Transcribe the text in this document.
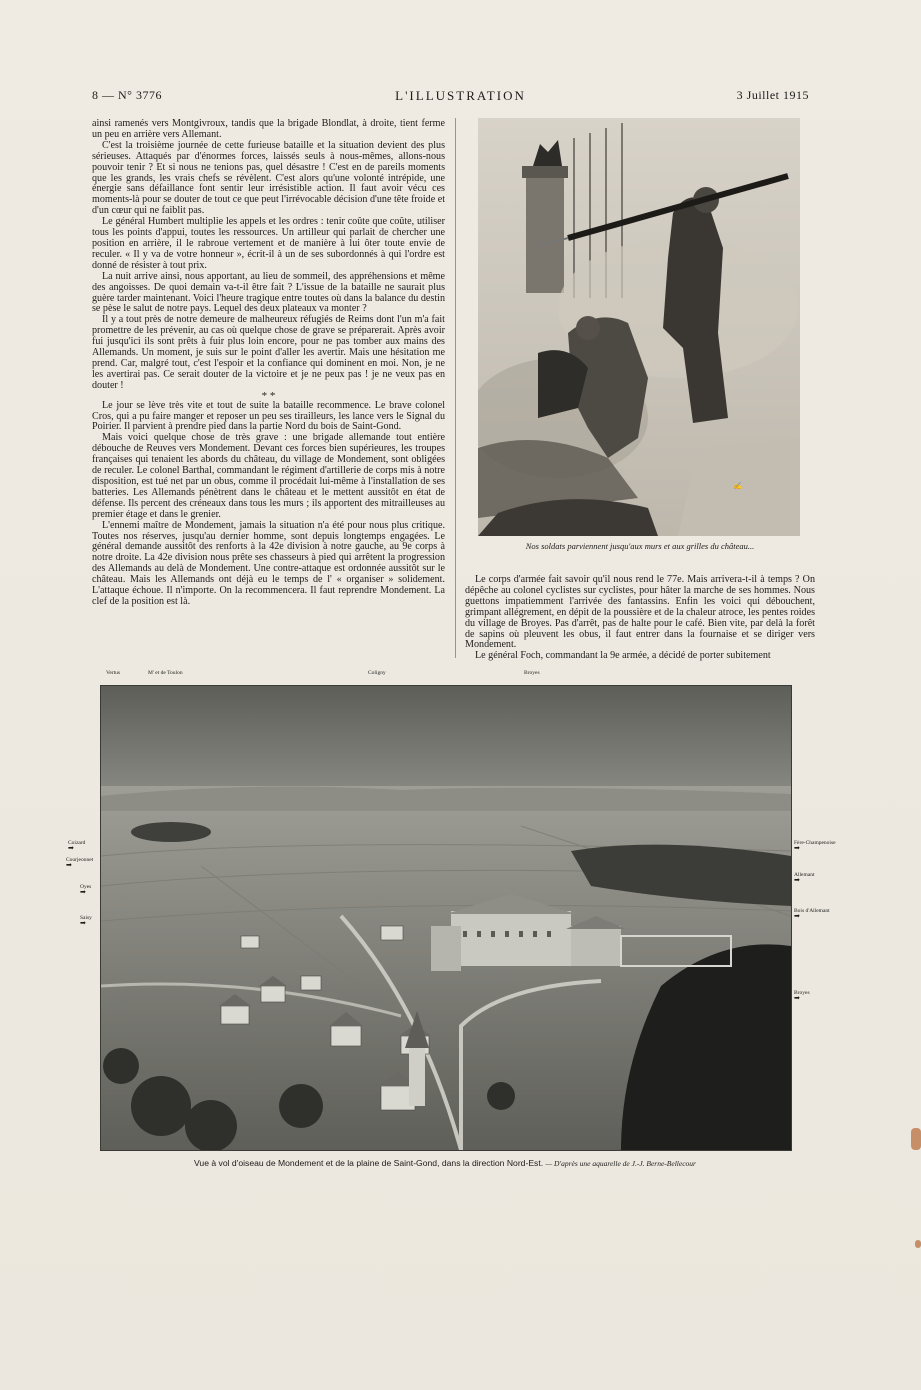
8 — N° 3776	L'ILLUSTRATION	3 Juillet 1915

ainsi ramenés vers Montgivroux, tandis que la brigade Blondlat, à droite, tient ferme un peu en arrière vers Allemant.

C'est la troisième journée de cette furieuse bataille et la situation devient des plus sérieuses. Attaqués par d'énormes forces, laissés seuls à nous-mêmes, allons-nous pouvoir tenir ? Et si nous ne tenions pas, quel désastre ! C'est en de pareils moments que les grands, les vrais chefs se révèlent. C'est alors qu'une volonté intrépide, une énergie sans défaillance font sentir leur irrésistible action. Il faut avoir vécu ces moments-là pour se douter de tout ce que peut l'irrévocable décision d'une tête froide et d'un cœur qui ne faiblit pas.

Le général Humbert multiplie les appels et les ordres : tenir coûte que coûte, utiliser tous les points d'appui, toutes les ressources. Un artilleur qui parlait de chercher une position en arrière, il le rabroue vertement et de manière à lui ôter toute envie de reculer. « Il y va de votre honneur », écrit-il à un de ses subordonnés à qui l'ordre est donné de résister à tout prix.

La nuit arrive ainsi, nous apportant, au lieu de sommeil, des appréhensions et même des angoisses. De quoi demain va-t-il être fait ? L'issue de la bataille ne saurait plus guère tarder maintenant. Voici l'heure tragique entre toutes où dans la balance du destin se pèse le salut de notre pays. Lequel des deux plateaux va monter ?

Il y a tout près de notre demeure de malheureux réfugiés de Reims dont l'un m'a fait promettre de les prévenir, au cas où quelque chose de grave se préparerait. Après avoir fui jusqu'ici ils sont prêts à fuir plus loin encore, pour ne pas tomber aux mains des Allemands. Un moment, je suis sur le point d'aller les avertir. Mais une hésitation me prend. Car, malgré tout, c'est l'espoir et la confiance qui dominent en moi. Non, je ne les avertirai pas. Ce serait douter de la victoire et je ne peux pas ! je ne veux pas en douter !

* *

Le jour se lève très vite et tout de suite la bataille recommence. Le brave colonel Cros, qui a pu faire manger et reposer un peu ses tirailleurs, les lance vers le Signal du Poirier. Il parvient à prendre pied dans la partie Nord du bois de Saint-Gond.

Mais voici quelque chose de très grave : une brigade allemande tout entière débouche de Reuves vers Mondement. Devant ces forces bien supérieures, les troupes françaises qui tenaient les abords du château, du village de Mondement, sont obligées de reculer. Le colonel Barthal, commandant le régiment d'artillerie de corps mis à notre disposition, est tué net par un obus, comme il procédait lui-même à l'installation de ses batteries. Les Allemands pénètrent dans le château et le mettent aussitôt en état de défense. Ils percent des créneaux dans tous les murs ; ils apportent des mitrailleuses au premier étage et dans le grenier.

L'ennemi maître de Mondement, jamais la situation n'a été pour nous plus critique. Toutes nos réserves, jusqu'au dernier homme, sont depuis longtemps engagées. Le général demande aussitôt des renforts à la 42e division à notre gauche, au 9e corps à notre droite. La 42e division nous prête ses chasseurs à pied qui arrêtent la progression des Allemands au delà de Mondement. Une contre-attaque est ordonnée aussitôt sur le château. Mais les Allemands ont déjà eu le temps de l' « organiser » solidement. L'attaque échoue. Il n'importe. On la recommencera. Il faut reprendre Mondement. La clef de la position est là.

✍
Nos soldats parviennent jusqu'aux murs et aux grilles du château...

Le corps d'armée fait savoir qu'il nous rend le 77e. Mais arrivera-t-il à temps ? On dépêche au colonel cyclistes sur cyclistes, pour hâter la marche de ses hommes. Nous guettons impatiemment l'arrivée des fantassins. Enfin les voici qui débouchent, grimpant allégrement, en dépit de la poussière et de la chaleur atroce, les pentes roides du village de Broyes. Pas d'arrêt, pas de halte pour le café. Bien vite, par delà la forêt de sapins où pleuvent les obus, il faut entrer dans la fournaise et se diriger vers Mondement.

Le général Foch, commandant la 9e armée, a décidé de porter subitement

Vertus	M' et de Toulon	Coligny	Broyes
Coizard
➡
Courjeonnet
➡
Oyes
➡
Saisy
➡
Fère-Champenoise
➡
Allemant
➡
Bois d'Allemant
➡
Broyes
➡
Vue à vol d'oiseau de Mondement et de la plaine de Saint-Gond, dans la direction Nord-Est. — D'après une aquarelle de J.-J. Berne-Bellecour
